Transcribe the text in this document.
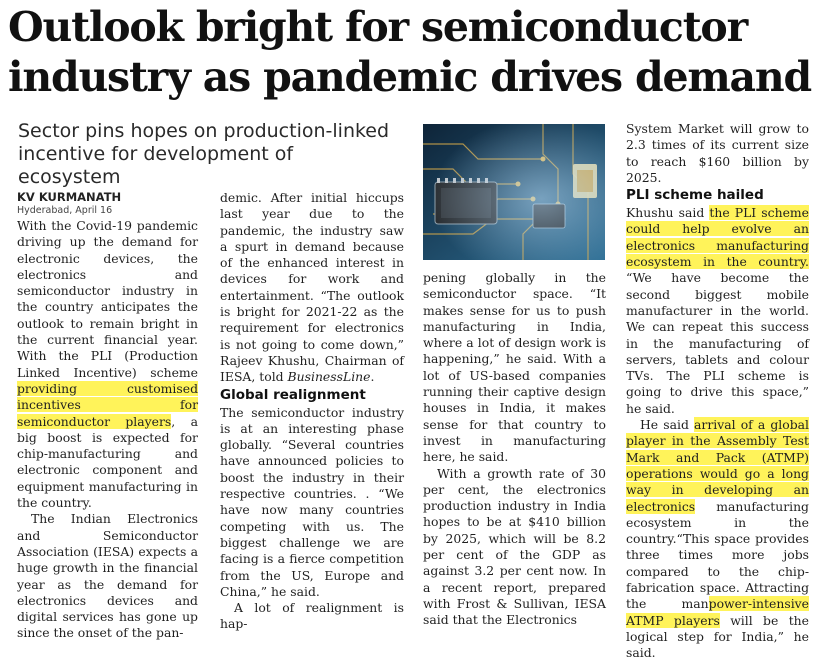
Outlook bright for semiconductor industry as pandemic drives demand
Sector pins hopes on production-linked incentive for development of ecosystem

KV KURMANATH

Hyderabad, April 16

With the Covid-19 pandemic driving up the demand for electronic devices, the electronics and semiconductor industry in the country anticipates the outlook to remain bright in the current financial year. With the PLI (Production Linked Incentive) scheme providing customised incentives for semiconductor players, a big boost is expected for chip-manufacturing and electronic component and equipment manufacturing in the country.

The Indian Electronics and Semiconductor Association (IESA) expects a huge growth in the financial year as the demand for electronics devices and digital services has gone up since the onset of the pan-

demic. After initial hiccups last year due to the pandemic, the industry saw a spurt in demand because of the enhanced interest in devices for work and entertainment. “The outlook is bright for 2021-22 as the requirement for electronics is not going to come down,” Rajeev Khushu, Chairman of IESA, told BusinessLine.

Global realignment

The semiconductor industry is at an interesting phase globally. “Several countries have announced policies to boost the industry in their respective countries. . “We have now many countries competing with us. The biggest challenge we are facing is a fierce competition from the US, Europe and China,” he said.

A lot of realignment is hap-

pening globally in the semiconductor space. “It makes sense for us to push manufacturing in India, where a lot of design work is happening,” he said. With a lot of US-based companies running their captive design houses in India, it makes sense for that country to invest in manufacturing here, he said.

With a growth rate of 30 per cent, the electronics production industry in India hopes to be at $410 billion by 2025, which will be 8.2 per cent of the GDP as against 3.2 per cent now. In a recent report, prepared with Frost & Sullivan, IESA said that the Electronics

System Market will grow to 2.3 times of its current size to reach $160 billion by 2025.

PLI scheme hailed

Khushu said the PLI scheme could help evolve an electronics manufacturing ecosystem in the country. “We have become the second biggest mobile manufacturer in the world. We can repeat this success in the manufacturing of servers, tablets and colour TVs. The PLI scheme is going to drive this space,” he said.

He said arrival of a global player in the Assembly Test Mark and Pack (ATMP) operations would go a long way in developing an electronics manufacturing ecosystem in the country.“This space provides three times more jobs compared to the chip-fabrication space. Attracting the manpower-intensive ATMP players will be the logical step for India,” he said.
